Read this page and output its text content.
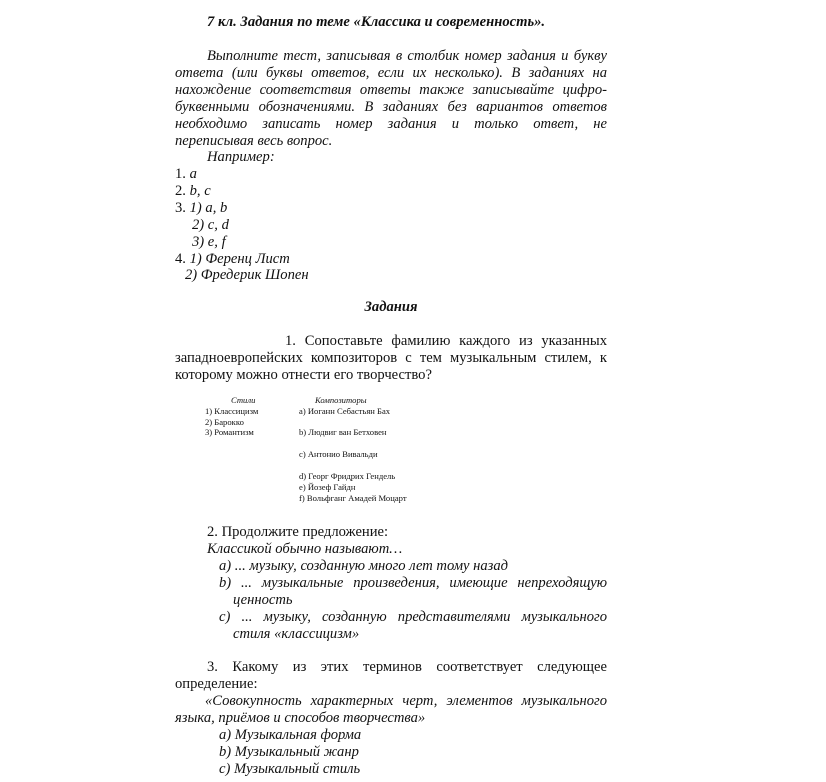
7 кл. Задания по теме «Классика и современность».
Выполните тест, записывая в столбик номер задания и букву ответа (или буквы ответов, если их несколько). В заданиях на нахождение соответствия ответы также записывайте цифро-буквенными обозначениями. В заданиях без вариантов ответов необходимо записать номер задания и только ответ, не переписывая весь вопрос.
Например:
1. a
2. b, c
3. 1) a, b
2) c, d
3) e, f
4. 1) Ференц Лист
2) Фредерик Шопен
Задания
1. Сопоставьте фамилию каждого из указанных западноевропейских композиторов с тем музыкальным стилем, к которому можно отнести его творчество?
Стили
1) Классицизм
2) Барокко
3) Романтизм
Композиторы
a) Иоганн Себастьян Бах
b) Людвиг ван Бетховен
c) Антонио Вивальди
d) Георг Фридрих Гендель
e) Йозеф Гайдн
f) Вольфганг Амадей Моцарт
2. Продолжите предложение:
Классикой обычно называют…
a) ... музыку, созданную много лет тому назад
b) ... музыкальные произведения, имеющие непреходящую ценность
c) ... музыку, созданную представителями музыкального стиля «классицизм»
3. Какому из этих терминов соответствует следующее определение:
«Совокупность характерных черт, элементов музыкального языка, приёмов и способов творчества»
a) Музыкальная форма
b) Музыкальный жанр
c) Музыкальный стиль
